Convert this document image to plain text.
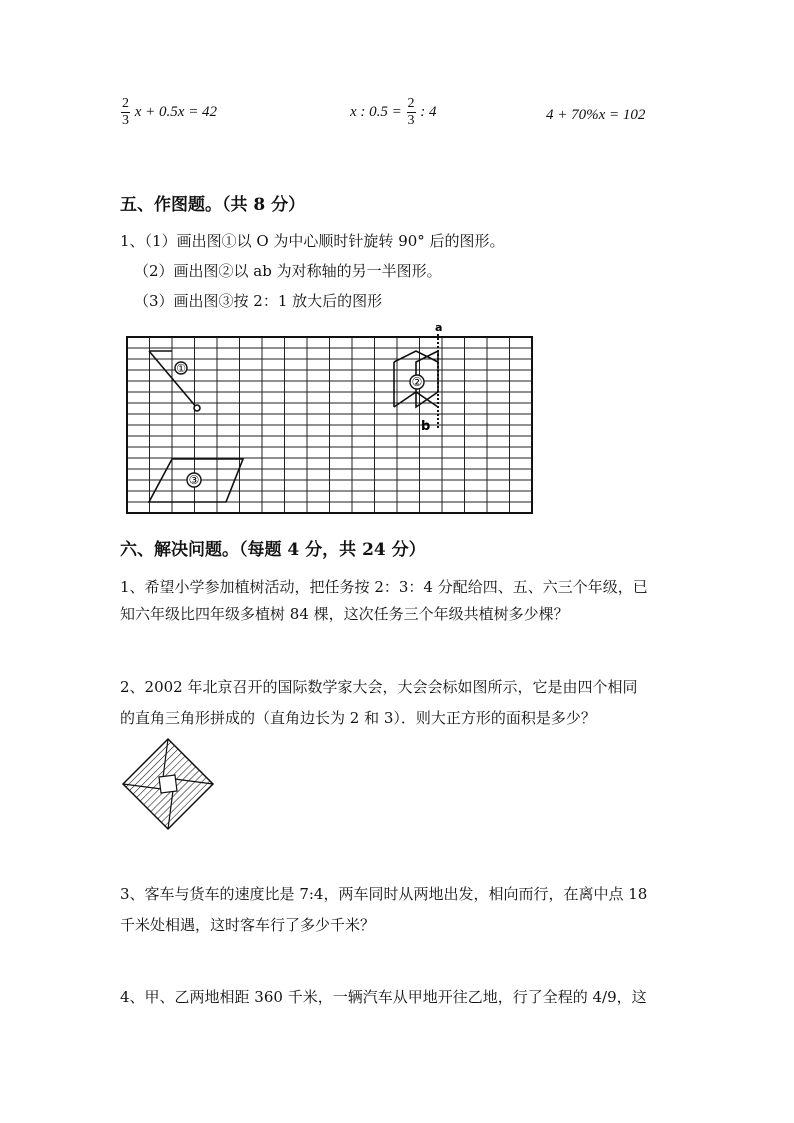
$\frac{2}{3}$ x + 0.5x = 42	x : $0.5 = \frac{2}{3}$ : 4	4 + 70%x = 102
五、作图题。（共 8 分）
1、（1）画出图①以 O 为中心顺时针旋转 90° 后的图形。
（2）画出图②以 ab 为对称轴的另一半图形。
（3）画出图③按 2：1 放大后的图形
①
②
a
b
③
六、解决问题。（每题 4 分，共 24 分）
1、希望小学参加植树活动，把任务按 2：3：4 分配给四、五、六三个年级，已
知六年级比四年级多植树 84 棵，这次任务三个年级共植树多少棵？
2、2002 年北京召开的国际数学家大会，大会会标如图所示，它是由四个相同
的直角三角形拼成的（直角边长为 2 和 3）．则大正方形的面积是多少？
3、客车与货车的速度比是 7:4，两车同时从两地出发，相向而行，在离中点 18
千米处相遇，这时客车行了多少千米？
4、甲、乙两地相距 360 千米，一辆汽车从甲地开往乙地，行了全程的 4/9，这
